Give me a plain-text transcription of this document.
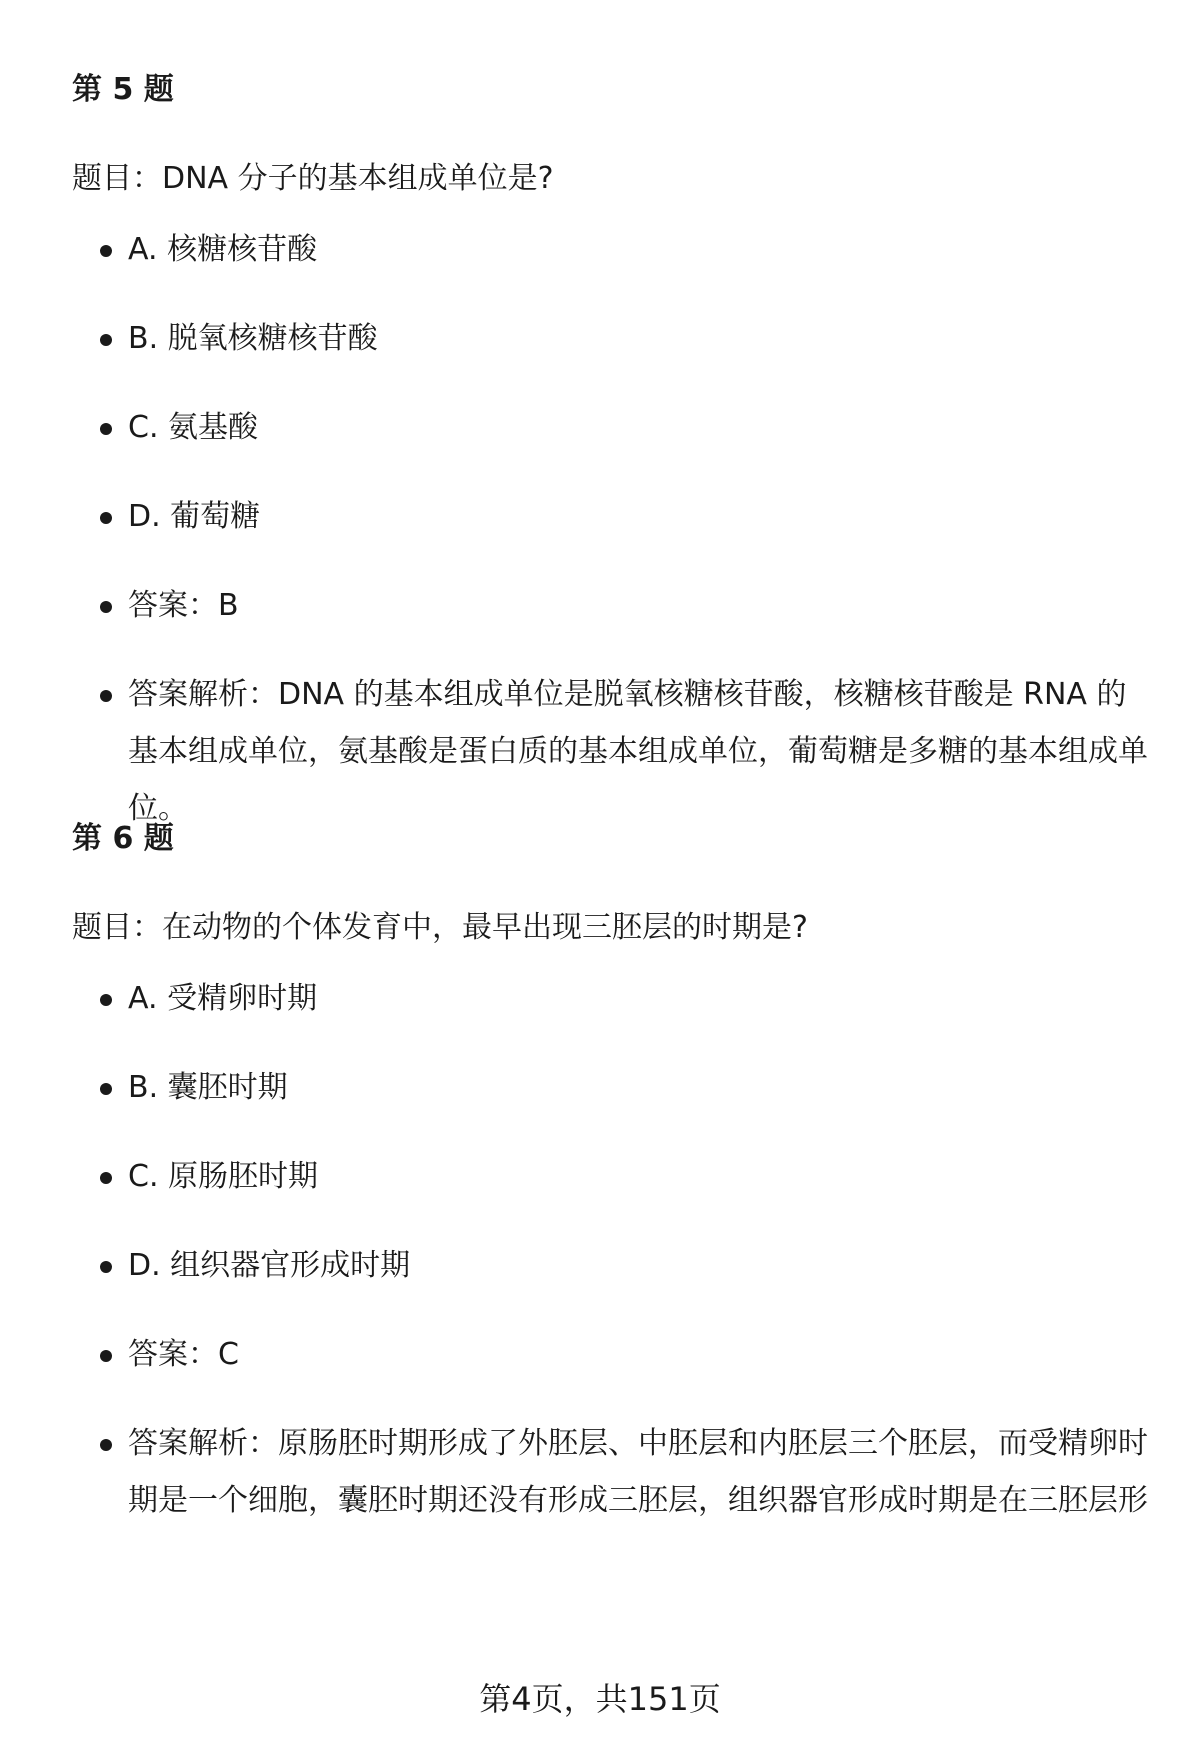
第 5 题

题目：DNA 分子的基本组成单位是?

A. 核糖核苷酸
B. 脱氧核糖核苷酸
C. 氨基酸
D. 葡萄糖
答案：B
答案解析：DNA 的基本组成单位是脱氧核糖核苷酸，核糖核苷酸是 RNA 的基本组成单位，氨基酸是蛋白质的基本组成单位，葡萄糖是多糖的基本组成单位。
第 6 题

题目：在动物的个体发育中，最早出现三胚层的时期是?

A. 受精卵时期
B. 囊胚时期
C. 原肠胚时期
D. 组织器官形成时期
答案：C
答案解析：原肠胚时期形成了外胚层、中胚层和内胚层三个胚层，而受精卵时期是一个细胞，囊胚时期还没有形成三胚层，组织器官形成时期是在三胚层形
第4页，共151页
